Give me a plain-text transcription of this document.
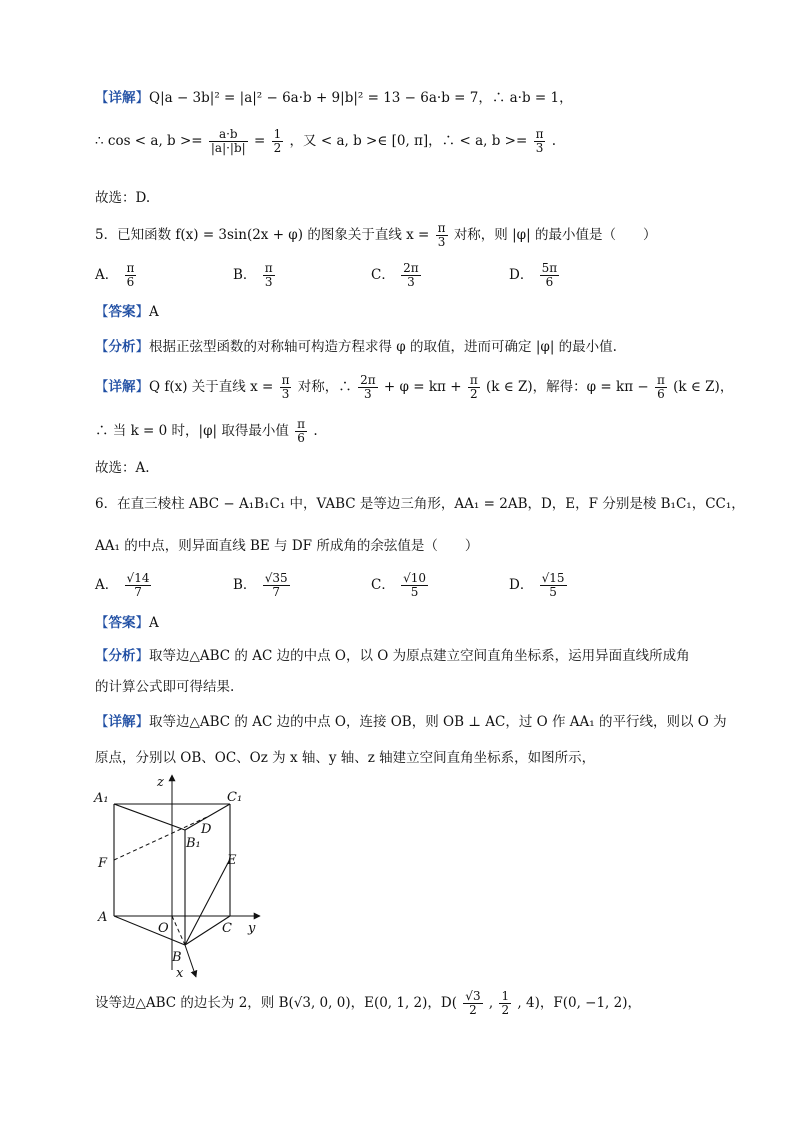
【详解】Q|a − 3b|² = |a|² − 6a·b + 9|b|² = 13 − 6a·b = 7，∴ a·b = 1，
∴ cos < a, $b >= \frac{a\cdot b}{|a|\cdot|b|} = \frac{1}{2}$ ，又 < a, b >∈ [0, π]，∴ < a, $b >= \frac{\pi}{3}$ .
故选：D.
5．已知函数 f(x) = 3sin(2x + φ) 的图象关于直线 $x = \frac{\pi}{3}$ 对称，则 |φ| 的最小值是（　　）
A． $\frac{\pi}{6}$	B． $\frac{\pi}{3}$	C． $\frac{2\pi}{3}$	D． $\frac{5\pi}{6}$
【答案】A
【分析】根据正弦型函数的对称轴可构造方程求得 φ 的取值，进而可确定 |φ| 的最小值.
【详解】Q f(x) 关于直线 $x = \frac{\pi}{3}$ 对称，∴ $\frac{2\pi}{3} + \varphi = k\pi + \frac{\pi}{2} (k$ ∈ Z)，解得：$\varphi = k\pi - \frac{\pi}{6} (k$ ∈ Z)，
∴ 当 k = 0 时，|φ| 取得最小值 $\frac{\pi}{6}$ .
故选：A.
6．在直三棱柱 ABC − A₁B₁C₁ 中，VABC 是等边三角形，AA₁ = 2AB，D，E，F 分别是棱 B₁C₁，CC₁，
AA₁ 的中点，则异面直线 BE 与 DF 所成角的余弦值是（　　）
A． $\frac{√14}{7}$	B． $\frac{√35}{7}$	C． $\frac{√10}{5}$	D． $\frac{√15}{5}$
【答案】A
【分析】取等边△ABC 的 AC 边的中点 O，以 O 为原点建立空间直角坐标系，运用异面直线所成角
的计算公式即可得结果.
【详解】取等边△ABC 的 AC 边的中点 O，连接 OB，则 OB ⊥ AC，过 O 作 AA₁ 的平行线，则以 O 为
原点，分别以 OB、OC、Oz 为 x 轴、y 轴、z 轴建立空间直角坐标系，如图所示，
z
A₁	C₁
D
B₁
F	E
A
O	C y
B
x
设等边△ABC 的边长为 2，则 B(√3, 0, 0)，E(0, 1, 2)，$D( \frac{√3}{2}$ , $\frac{1}{2}$ , 4)，F(0, −1, 2)，
